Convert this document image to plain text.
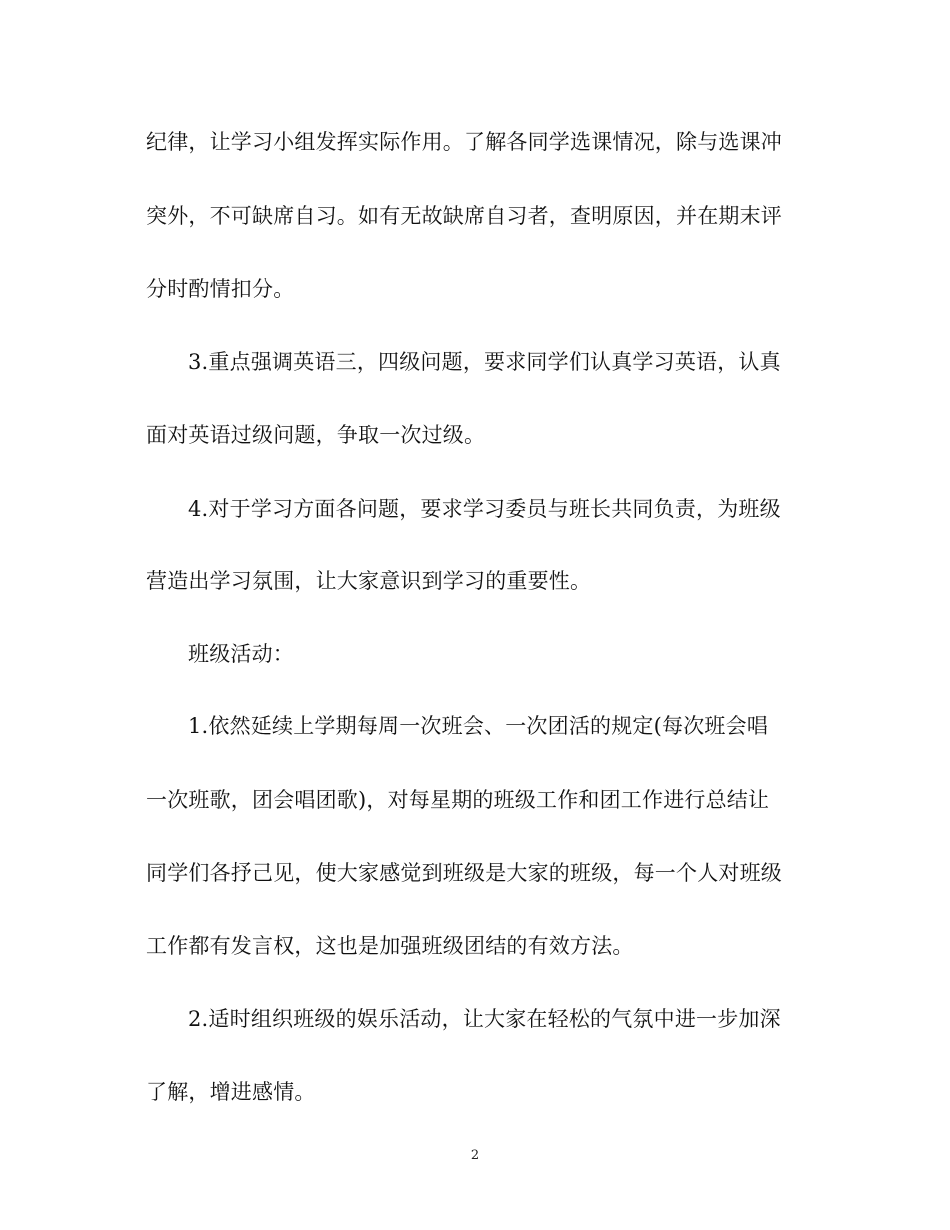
纪律，让学习小组发挥实际作用。了解各同学选课情况，除与选课冲
突外，不可缺席自习。如有无故缺席自习者，查明原因，并在期末评
分时酌情扣分。
3.重点强调英语三，四级问题，要求同学们认真学习英语，认真
面对英语过级问题，争取一次过级。
4.对于学习方面各问题，要求学习委员与班长共同负责，为班级
营造出学习氛围，让大家意识到学习的重要性。
班级活动：
1.依然延续上学期每周一次班会、一次团活的规定(每次班会唱
一次班歌，团会唱团歌)，对每星期的班级工作和团工作进行总结让
同学们各抒己见，使大家感觉到班级是大家的班级，每一个人对班级
工作都有发言权，这也是加强班级团结的有效方法。
2.适时组织班级的娱乐活动，让大家在轻松的气氛中进一步加深
了解，增进感情。
2
